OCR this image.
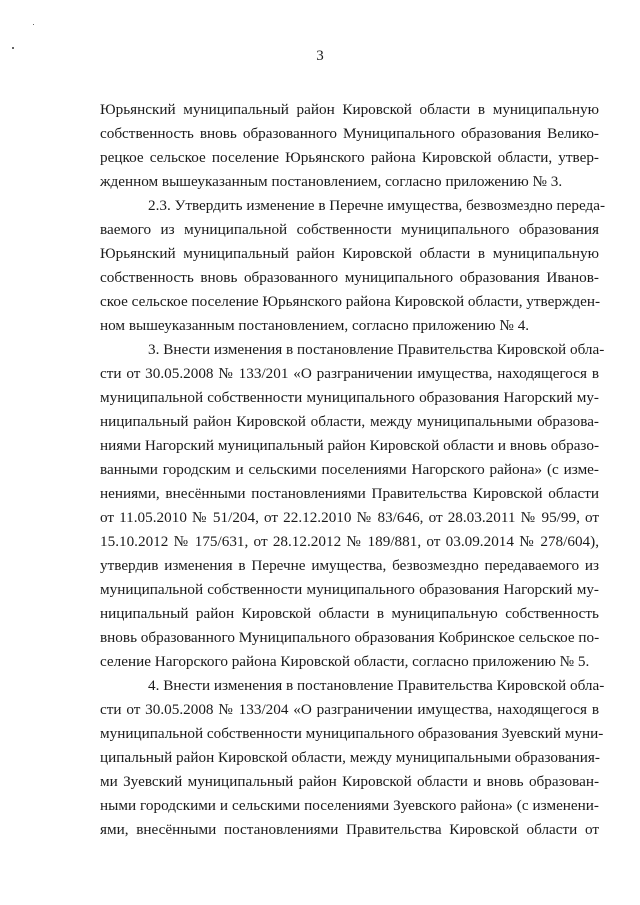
3
Юрьянский муниципальный район Кировской области в муниципальную
собственность вновь образованного Муниципального образования Велико-
рецкое сельское поселение Юрьянского района Кировской области, утвер-
жденном вышеуказанным постановлением, согласно приложению № 3.
2.3. Утвердить изменение в Перечне имущества, безвозмездно переда-
ваемого из муниципальной собственности муниципального образования
Юрьянский муниципальный район Кировской области в муниципальную
собственность вновь образованного муниципального образования Иванов-
ское сельское поселение Юрьянского района Кировской области, утвержден-
ном вышеуказанным постановлением, согласно приложению № 4.
3. Внести изменения в постановление Правительства Кировской обла-
сти от 30.05.2008 № 133/201 «О разграничении имущества, находящегося в
муниципальной собственности муниципального образования Нагорский му-
ниципальный район Кировской области, между муниципальными образова-
ниями Нагорский муниципальный район Кировской области и вновь образо-
ванными городским и сельскими поселениями Нагорского района» (с изме-
нениями, внесёнными постановлениями Правительства Кировской области
от 11.05.2010 № 51/204, от 22.12.2010 № 83/646, от 28.03.2011 № 95/99, от
15.10.2012 № 175/631, от 28.12.2012 № 189/881, от 03.09.2014 № 278/604),
утвердив изменения в Перечне имущества, безвозмездно передаваемого из
муниципальной собственности муниципального образования Нагорский му-
ниципальный район Кировской области в муниципальную собственность
вновь образованного Муниципального образования Кобринское сельское по-
селение Нагорского района Кировской области, согласно приложению № 5.
4. Внести изменения в постановление Правительства Кировской обла-
сти от 30.05.2008 № 133/204 «О разграничении имущества, находящегося в
муниципальной собственности муниципального образования Зуевский муни-
ципальный район Кировской области, между муниципальными образования-
ми Зуевский муниципальный район Кировской области и вновь образован-
ными городскими и сельскими поселениями Зуевского района» (с изменени-
ями, внесёнными постановлениями Правительства Кировской области от
